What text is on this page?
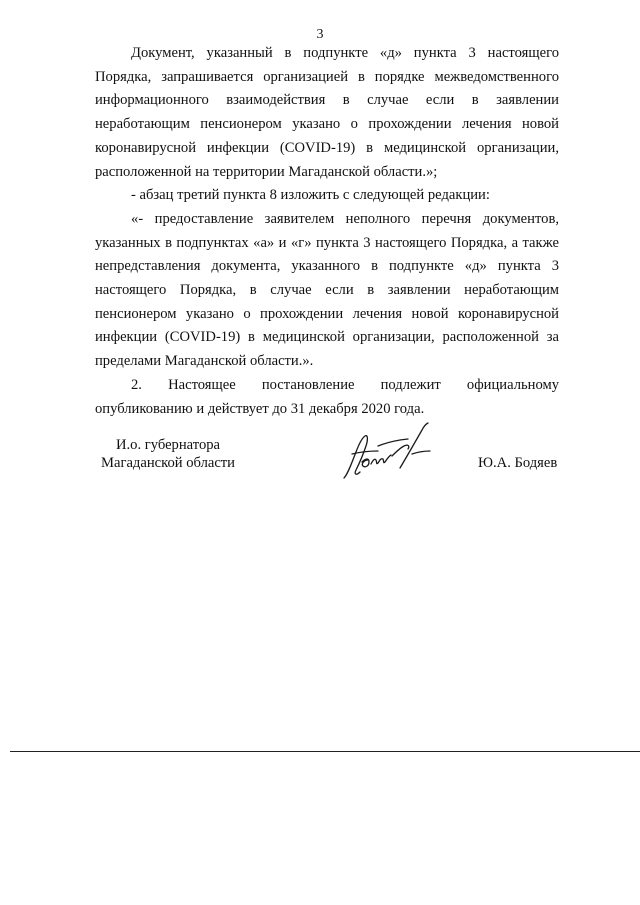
3

Документ, указанный в подпункте «д» пункта 3 настоящего Порядка, запрашивается организацией в порядке межведомственного информационного взаимодействия в случае если в заявлении неработающим пенсионером указано о прохождении лечения новой коронавирусной инфекции (COVID-19) в медицинской организации, расположенной на территории Магаданской области.»;

- абзац третий пункта 8 изложить с следующей редакции:

«- предоставление заявителем неполного перечня документов, указанных в подпунктах «а» и «г» пункта 3 настоящего Порядка, а также непредставления документа, указанного в подпункте «д» пункта 3 настоящего Порядка, в случае если в заявлении неработающим пенсионером указано о прохождении лечения новой коронавирусной инфекции (COVID-19) в медицинской организации, расположенной за пределами Магаданской области.».

2. Настоящее постановление подлежит официальному опубликованию и действует до 31 декабря 2020 года.

И.о. губернатора
Магаданской области	Ю.А. Бодяев
